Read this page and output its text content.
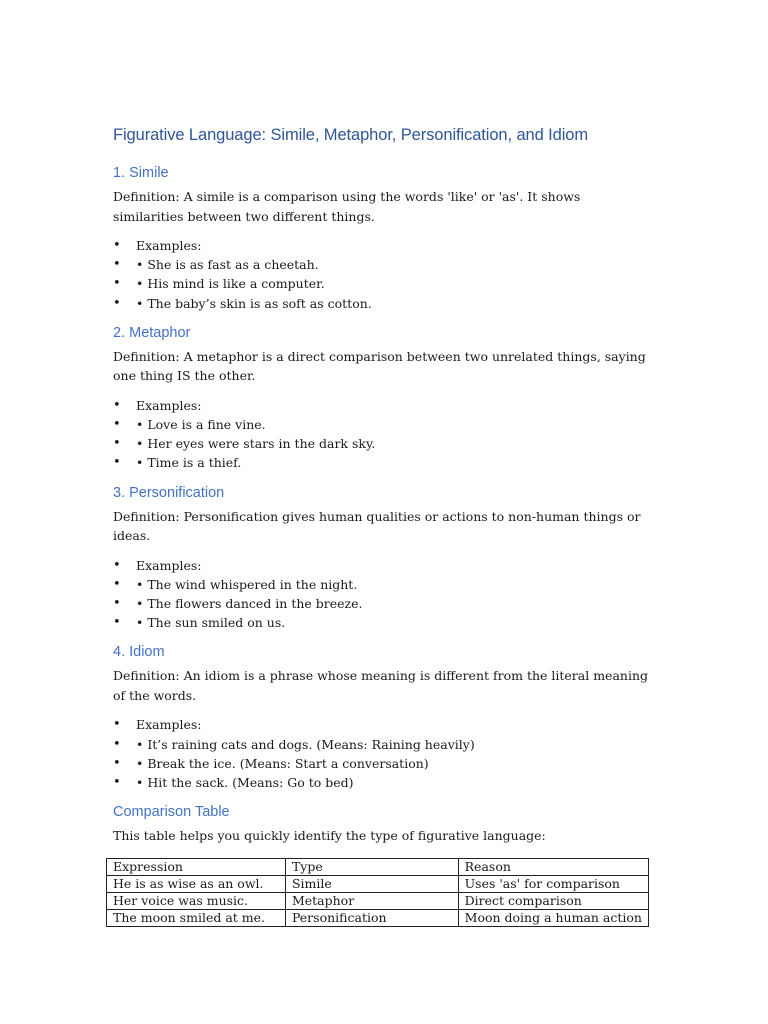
Figurative Language: Simile, Metaphor, Personification, and Idiom
1. Simile

Definition: A simile is a comparison using the words 'like' or 'as'. It shows similarities between two different things.

• Examples:
• • She is as fast as a cheetah.
• • His mind is like a computer.
• • The baby’s skin is as soft as cotton.
2. Metaphor

Definition: A metaphor is a direct comparison between two unrelated things, saying one thing IS the other.

• Examples:
• • Love is a fine vine.
• • Her eyes were stars in the dark sky.
• • Time is a thief.
3. Personification

Definition: Personification gives human qualities or actions to non-human things or ideas.

• Examples:
• • The wind whispered in the night.
• • The flowers danced in the breeze.
• • The sun smiled on us.
4. Idiom

Definition: An idiom is a phrase whose meaning is different from the literal meaning of the words.

• Examples:
• • It’s raining cats and dogs. (Means: Raining heavily)
• • Break the ice. (Means: Start a conversation)
• • Hit the sack. (Means: Go to bed)
Comparison Table

This table helps you quickly identify the type of figurative language:

Expression	Type	Reason
He is as wise as an owl.	Simile	Uses 'as' for comparison
Her voice was music.	Metaphor	Direct comparison
The moon smiled at me.	Personification	Moon doing a human action
